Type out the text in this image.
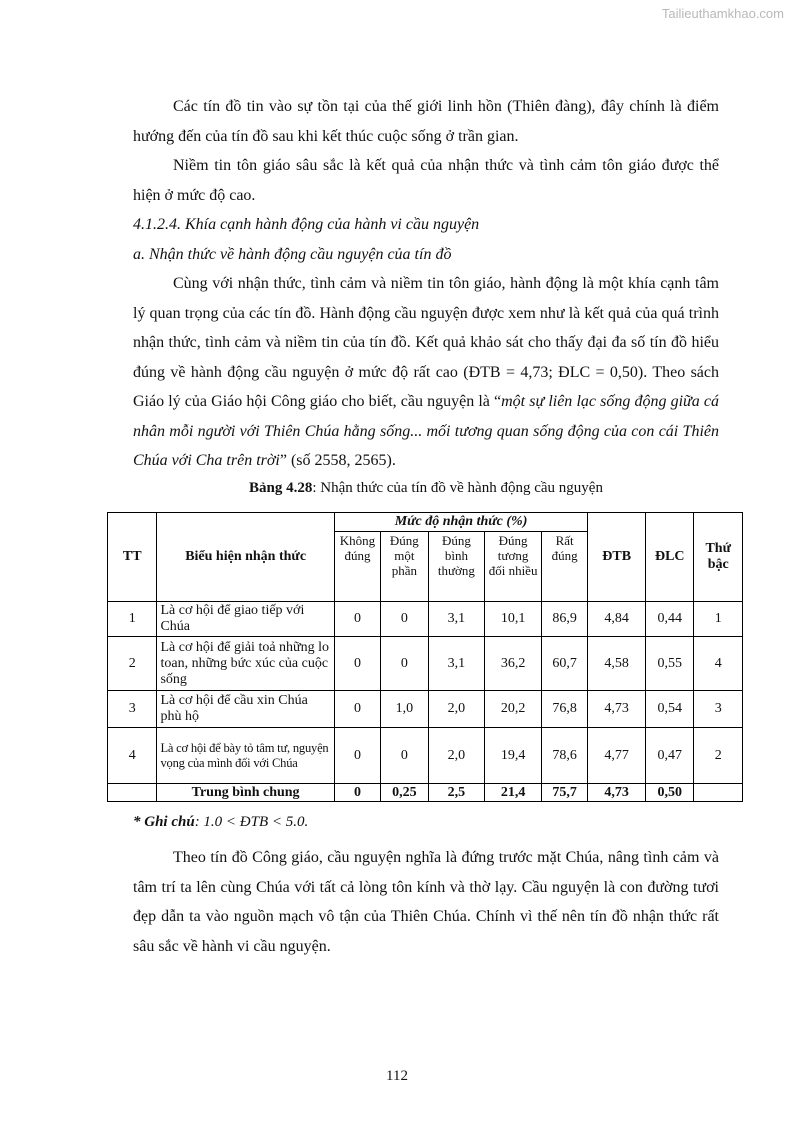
Tailieuthamkhao.com

Các tín đồ tin vào sự tồn tại của thế giới linh hồn (Thiên đàng), đây chính là điểm hướng đến của tín đồ sau khi kết thúc cuộc sống ở trần gian.

Niềm tin tôn giáo sâu sắc là kết quả của nhận thức và tình cảm tôn giáo được thể hiện ở mức độ cao.

4.1.2.4. Khía cạnh hành động của hành vi cầu nguyện

a. Nhận thức về hành động cầu nguyện của tín đồ

Cùng với nhận thức, tình cảm và niềm tin tôn giáo, hành động là một khía cạnh tâm lý quan trọng của các tín đồ. Hành động cầu nguyện được xem như là kết quả của quá trình nhận thức, tình cảm và niềm tin của tín đồ. Kết quả khảo sát cho thấy đại đa số tín đồ hiểu đúng về hành động cầu nguyện ở mức độ rất cao (ĐTB = 4,73; ĐLC = 0,50). Theo sách Giáo lý của Giáo hội Công giáo cho biết, cầu nguyện là “một sự liên lạc sống động giữa cá nhân mỗi người với Thiên Chúa hằng sống... mối tương quan sống động của con cái Thiên Chúa với Cha trên trời” (số 2558, 2565).

Bảng 4.28: Nhận thức của tín đồ về hành động cầu nguyện

TT	Biểu hiện nhận thức	Mức độ nhận thức (%)					ĐTB	ĐLC	Thứ bậc
		Không đúng	Đúng một phần	Đúng bình thường	Đúng tương đối nhiều	Rất đúng			
1	Là cơ hội để giao tiếp với Chúa	0	0	3,1	10,1	86,9	4,84	0,44	1
2	Là cơ hội để giải toả những lo toan, những bức xúc của cuộc sống	0	0	3,1	36,2	60,7	4,58	0,55	4
3	Là cơ hội để cầu xin Chúa phù hộ	0	1,0	2,0	20,2	76,8	4,73	0,54	3
4	Là cơ hội để bày tỏ tâm tư, nguyện vọng của mình đối với Chúa	0	0	2,0	19,4	78,6	4,77	0,47	2
	Trung bình chung	0	0,25	2,5	21,4	75,7	4,73	0,50	
* Ghi chú: 1.0 < ĐTB < 5.0.

Theo tín đồ Công giáo, cầu nguyện nghĩa là đứng trước mặt Chúa, nâng tình cảm và tâm trí ta lên cùng Chúa với tất cả lòng tôn kính và thờ lạy. Cầu nguyện là con đường tươi đẹp dẫn ta vào nguồn mạch vô tận của Thiên Chúa. Chính vì thế nên tín đồ nhận thức rất sâu sắc về hành vi cầu nguyện.

112
